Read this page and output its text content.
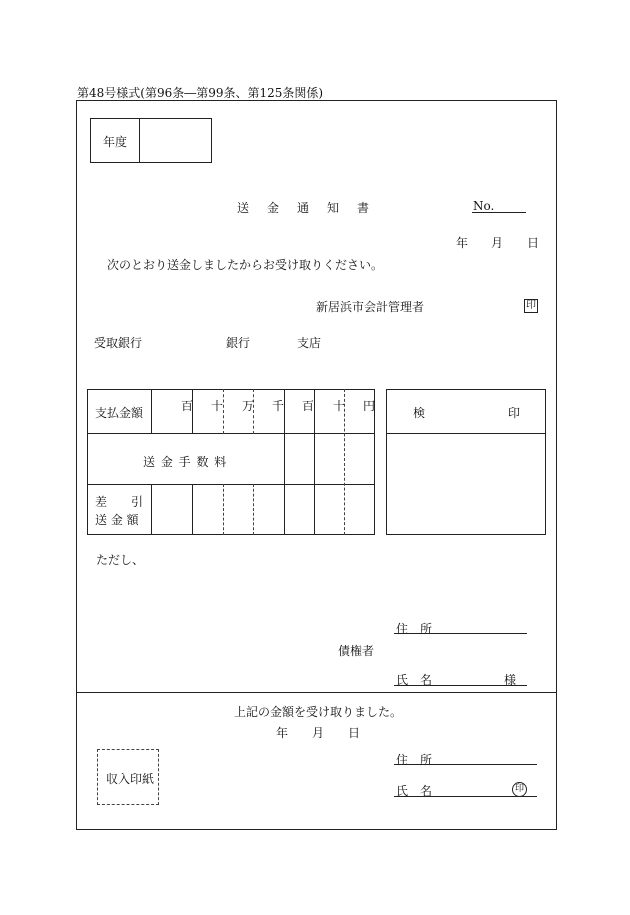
第48号様式(第96条―第99条、第125条関係)
年度
送　金　通　知　書	No.
年 月 日
次のとおり送金しましたからお受け取りください。
新居浜市会計管理者	印
受取銀行	銀行	支店
支払金額	百 十 万 千 百 十 円
送 金 手 数 料
差　　引
送 金 額
検	印
ただし、
住　所
債権者
氏　名	様
上記の金額を受け取りました。
年 月 日
収入印紙
住　所
氏　名	印
